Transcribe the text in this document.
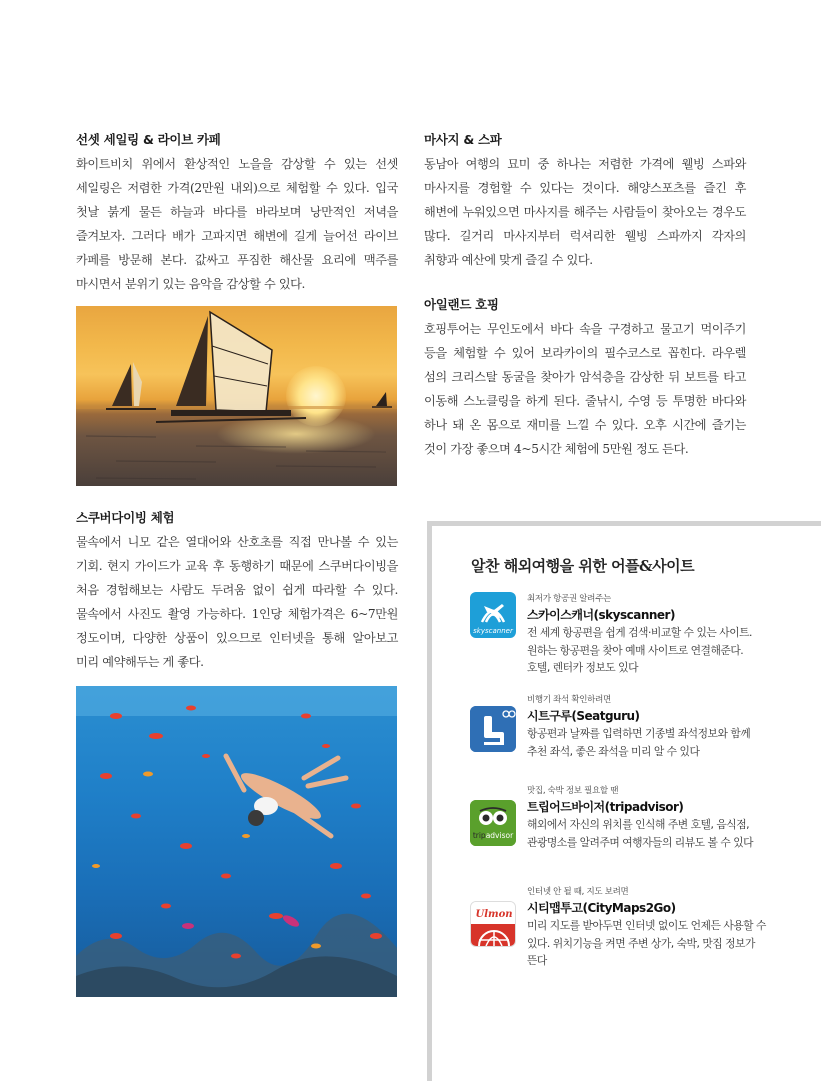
선셋 세일링 & 라이브 카페

화이트비치 위에서 환상적인 노을을 감상할 수 있는 선셋 세일링은 저렴한 가격(2만원 내외)으로 체험할 수 있다. 입국 첫날 붉게 물든 하늘과 바다를 바라보며 낭만적인 저녁을 즐겨보자. 그러다 배가 고파지면 해변에 길게 늘어선 라이브 카페를 방문해 본다. 값싸고 푸짐한 해산물 요리에 맥주를 마시면서 분위기 있는 음악을 감상할 수 있다.

스쿠버다이빙 체험

물속에서 니모 같은 열대어와 산호초를 직접 만나볼 수 있는 기회. 현지 가이드가 교육 후 동행하기 때문에 스쿠버다이빙을 처음 경험해보는 사람도 두려움 없이 쉽게 따라할 수 있다. 물속에서 사진도 촬영 가능하다. 1인당 체험가격은 6~7만원 정도이며, 다양한 상품이 있으므로 인터넷을 통해 알아보고 미리 예약해두는 게 좋다.

마사지 & 스파

동남아 여행의 묘미 중 하나는 저렴한 가격에 웰빙 스파와 마사지를 경험할 수 있다는 것이다. 해양스포츠를 즐긴 후 해변에 누워있으면 마사지를 해주는 사람들이 찾아오는 경우도 많다. 길거리 마사지부터 럭셔리한 웰빙 스파까지 각자의 취향과 예산에 맞게 즐길 수 있다.

아일랜드 호핑

호핑투어는 무인도에서 바다 속을 구경하고 물고기 먹이주기 등을 체험할 수 있어 보라카이의 필수코스로 꼽힌다. 라우렐 섬의 크리스탈 동굴을 찾아가 암석층을 감상한 뒤 보트를 타고 이동해 스노클링을 하게 된다. 줄낚시, 수영 등 투명한 바다와 하나 돼 온 몸으로 재미를 느낄 수 있다. 오후 시간에 즐기는 것이 가장 좋으며 4~5시간 체험에 5만원 정도 든다.

알찬 해외여행을 위한 어플&사이트
skyscanner

최저가 항공권 알려주는

스카이스캐너(skyscanner)

전 세계 항공편을 쉽게 검색·비교할 수 있는 사이트. 원하는 항공편을 찾아 예매 사이트로 연결해준다. 호텔, 렌터카 정보도 있다

비행기 좌석 확인하려면

시트구루(Seatguru)

항공편과 날짜를 입력하면 기종별 좌석정보와 함께 추천 좌석, 좋은 좌석을 미리 알 수 있다

tripadvisor

맛집, 숙박 정보 필요할 땐

트립어드바이저(tripadvisor)

해외에서 자신의 위치를 인식해 주변 호텔, 음식점, 관광명소를 알려주며 여행자들의 리뷰도 볼 수 있다

Ulmon

인터넷 안 될 때, 지도 보려면

시티맵투고(CityMaps2Go)

미리 지도를 받아두면 인터넷 없이도 언제든 사용할 수 있다. 위치기능을 켜면 주변 상가, 숙박, 맛집 정보가 뜬다
